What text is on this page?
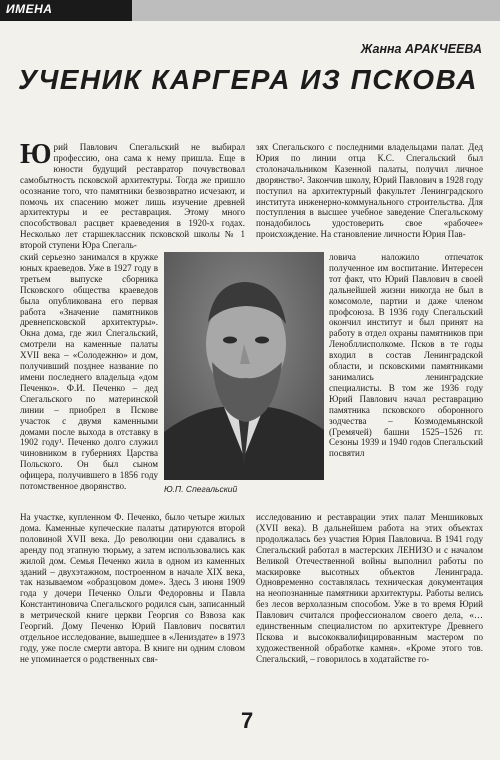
ИМЕНА
Жанна АРАКЧЕЕВА
УЧЕНИК КАРГЕРА ИЗ ПСКОВА

Юрий Павлович Спегальский не выбирал профессию, она сама к нему пришла. Еще в юности будущий реставратор почувствовал самобытность псковской архитектуры. Тогда же пришло осознание того, что памятники безвозвратно исчезают, и помочь их спасению может лишь изучение древней архитектуры и ее реставрация. Этому много способствовал расцвет краеведения в 1920-х годах. Несколько лет старшеклассник псковской школы № 1 второй ступени Юра Спегаль-

ский серьезно занимался в кружке юных краеведов. Уже в 1927 году в третьем выпуске сборника Псковского общества краеведов была опубликована его первая работа «Значение памятников древнепсковской архитектуры». Окна дома, где жил Спегальский, смотрели на каменные палаты XVII века – «Солодежню» и дом, получивший позднее название по имени последнего владельца «дом Печенко». Ф.И. Печенко – дед Спегальского по материнской линии – приобрел в Пскове участок с двумя каменными домами после выхода в отставку в 1902 году¹. Печенко долго служил чиновником в губерниях Царства Польского. Он был сыном офицера, получившего в 1856 году потомственное дворянство.

На участке, купленном Ф. Печенко, было четыре жилых дома. Каменные купеческие палаты датируются второй половиной XVII века. До революции они сдавались в аренду под этапную тюрьму, а затем использовались как жилой дом. Семья Печенко жила в одном из каменных зданий – двухэтажном, построенном в начале XIX века, так называемом «образцовом доме». Здесь 3 июня 1909 года у дочери Печенко Ольги Федоровны и Павла Константиновича Спегальского родился сын, записанный в метрической книге церкви Георгия со Взвоза как Георгий. Дому Печенко Юрий Павлович посвятил отдельное исследование, вышедшее в «Лениздате» в 1973 году, уже после смерти автора. В книге ни одним словом не упоминается о родственных свя-

зях Спегальского с последними владельцами палат. Дед Юрия по линии отца К.С. Спегальский был столоначальником Казенной палаты, получил личное дворянство². Закончив школу, Юрий Павлович в 1928 году поступил на архитектурный факультет Ленинградского института инженерно-коммунального строительства. Для поступления в высшее учебное заведение Спегальскому понадобилось удостоверить свое «рабочее» происхождение. На становление личности Юрия Пав-

ловича наложило отпечаток полученное им воспитание. Интересен тот факт, что Юрий Павлович в своей дальнейшей жизни никогда не был в комсомоле, партии и даже членом профсоюза. В 1936 году Спегальский окончил институт и был принят на работу в отдел охраны памятников при Ленобллисполкоме. Псков в те годы входил в состав Ленинградской области, и псковскими памятниками занимались ленинградские специалисты. В том же 1936 году Юрий Павлович начал реставрацию памятника псковского оборонного зодчества – Козмодемьянской (Гремячей) башни 1525–1526 гг. Сезоны 1939 и 1940 годов Спегальский посвятил

исследованию и реставрации этих палат Меншиковых (XVII века). В дальнейшем работа на этих объектах продолжалась без участия Юрия Павловича. В 1941 году Спегальский работал в мастерских ЛЕНИЗО и с началом Великой Отечественной войны выполнил работы по маскировке высотных объектов Ленинграда. Одновременно составлялась техническая документация на неопознанные памятники архитектуры. Работы велись без лесов верхолазным способом. Уже в то время Юрий Павлович считался профессионалом своего дела, «…единственным специалистом по архитектуре Древнего Пскова и высококвалифицированным мастером по художественной обработке камня». «Кроме этого тов. Спегальский, – говорилось в ходатайстве го-

Ю.П. Спегальский
7
